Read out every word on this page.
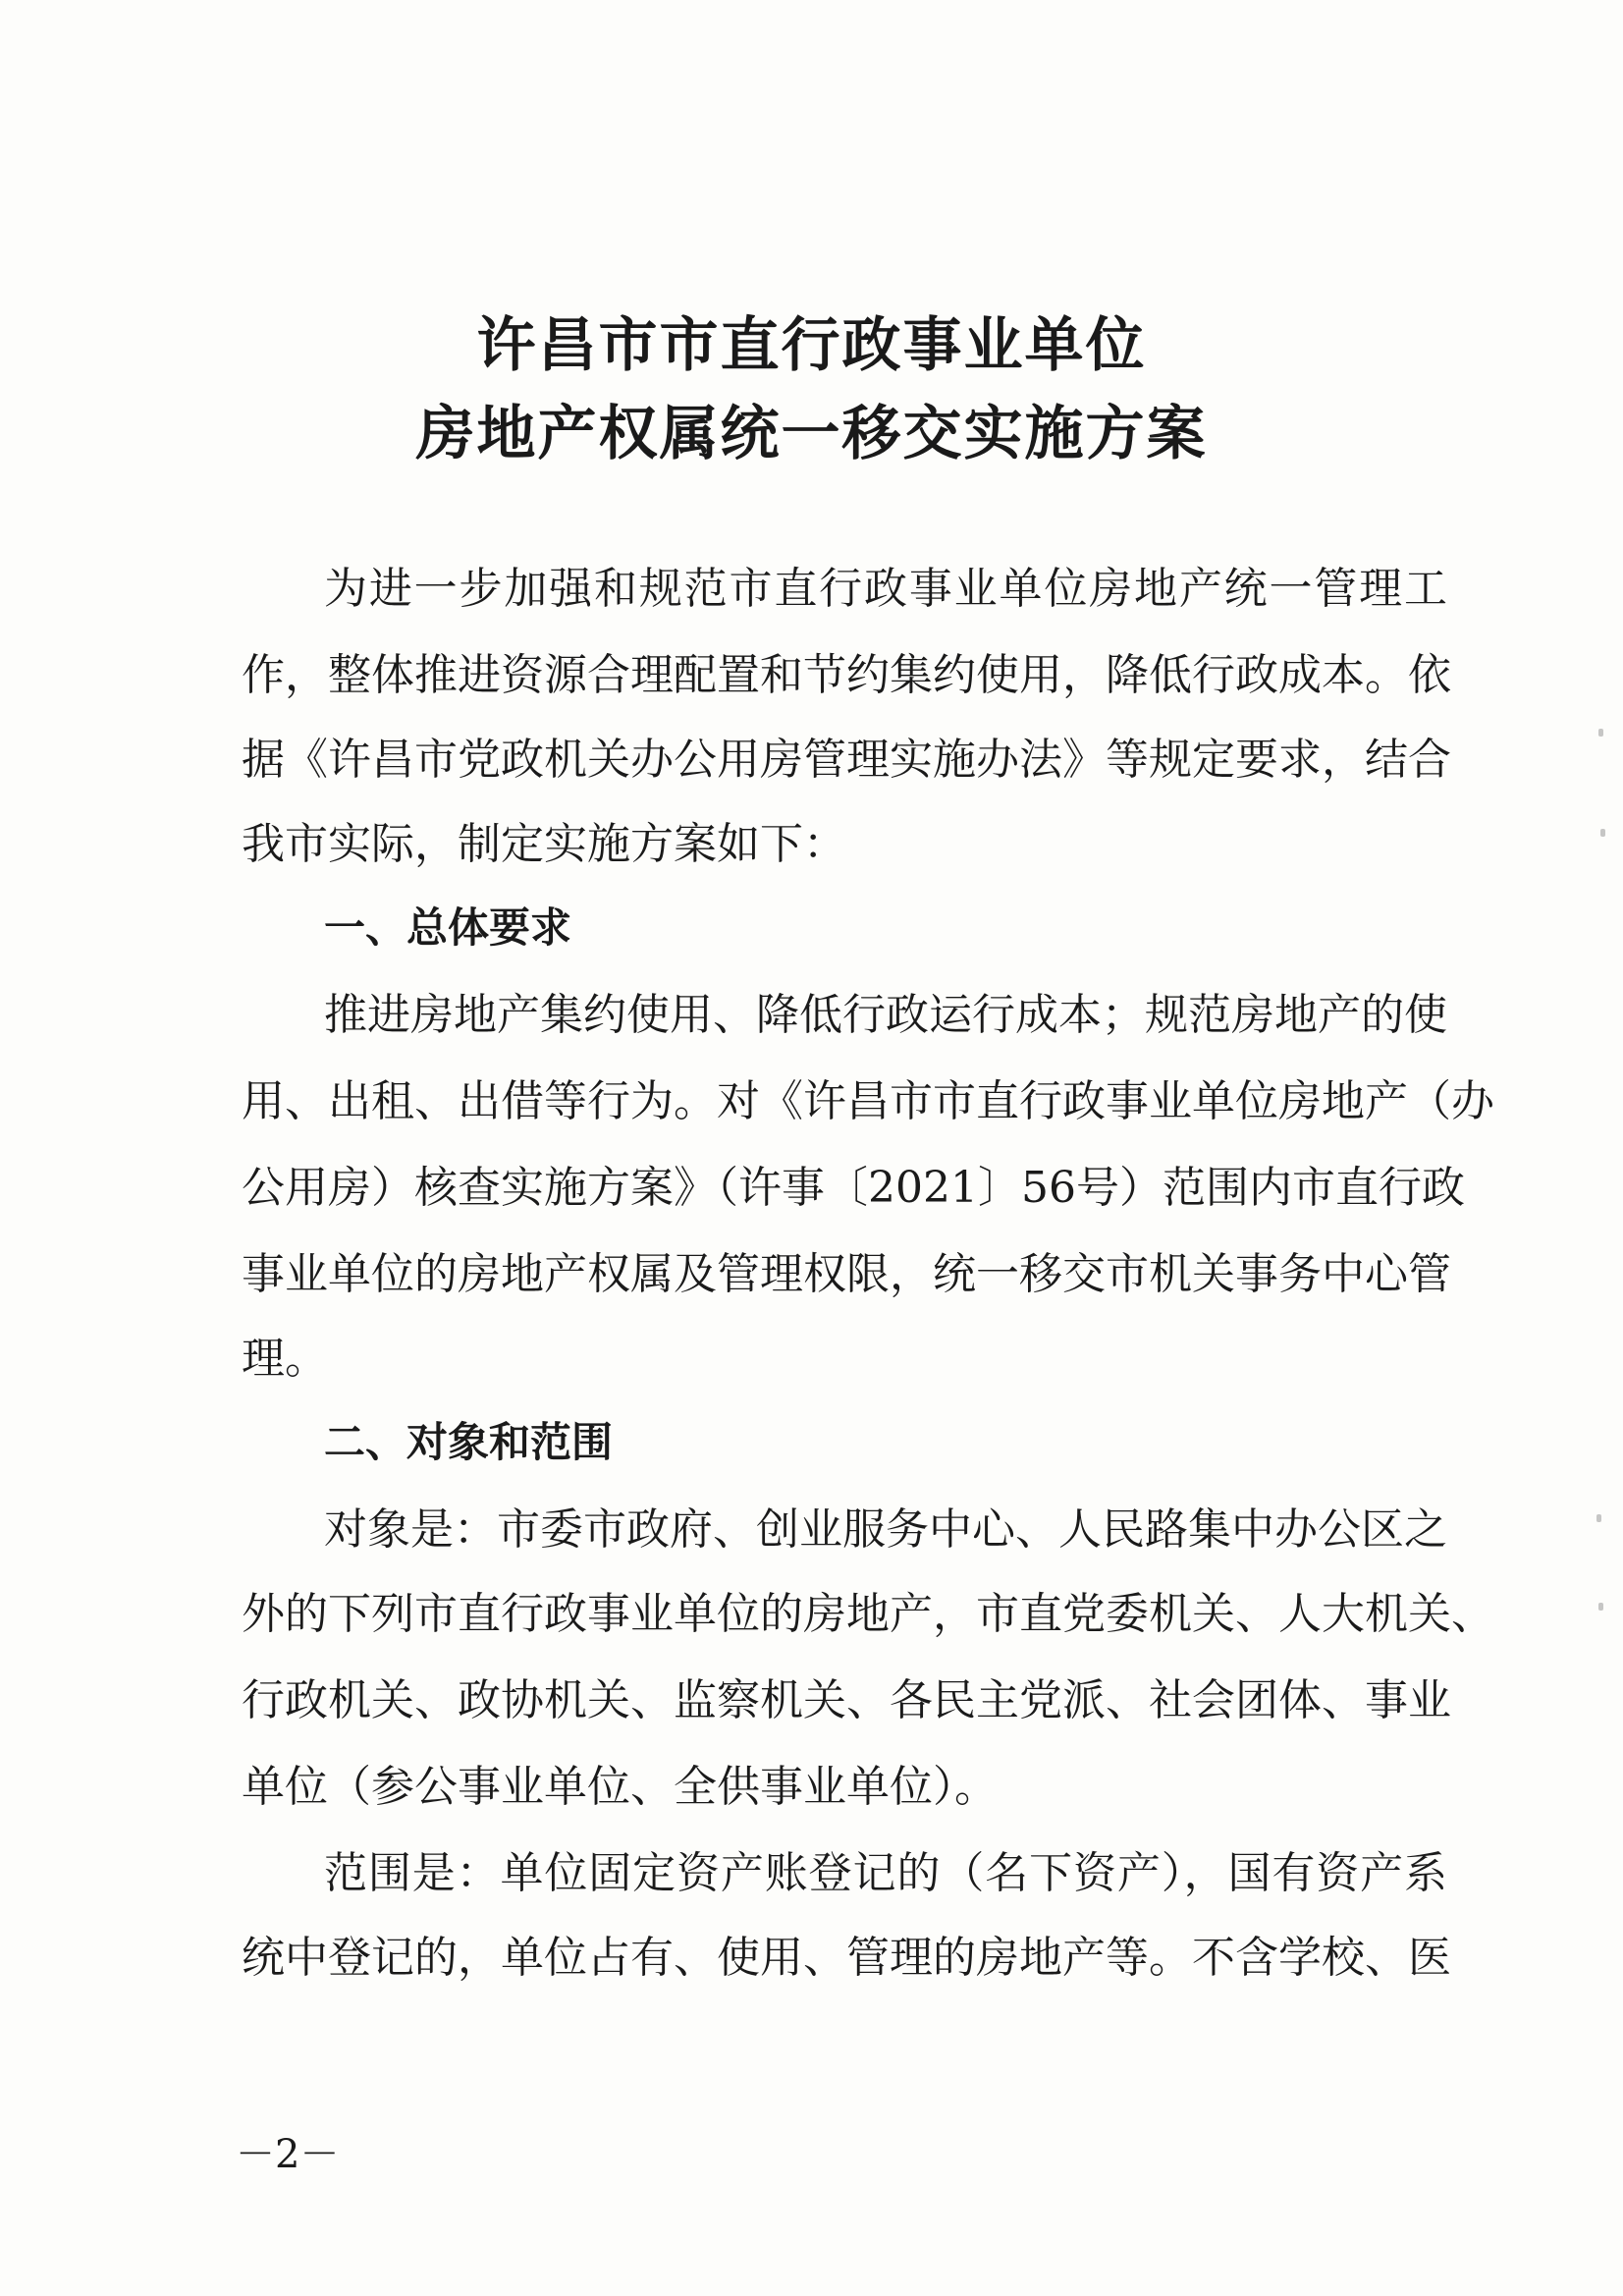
许昌市市直行政事业单位
房地产权属统一移交实施方案
为进一步加强和规范市直行政事业单位房地产统一管理工
作，整体推进资源合理配置和节约集约使用，降低行政成本。依
据《许昌市党政机关办公用房管理实施办法》等规定要求，结合
我市实际，制定实施方案如下：
一、总体要求
推进房地产集约使用、降低行政运行成本；规范房地产的使
用、出租、出借等行为。对《许昌市市直行政事业单位房地产（办
公用房）核查实施方案》（许事〔2021〕56号）范围内市直行政
事业单位的房地产权属及管理权限，统一移交市机关事务中心管
理。
二、对象和范围
对象是：市委市政府、创业服务中心、人民路集中办公区之
外的下列市直行政事业单位的房地产，市直党委机关、人大机关、
行政机关、政协机关、监察机关、各民主党派、社会团体、事业
单位（参公事业单位、全供事业单位）。
范围是：单位固定资产账登记的（名下资产），国有资产系
统中登记的，单位占有、使用、管理的房地产等。不含学校、医
－2－
